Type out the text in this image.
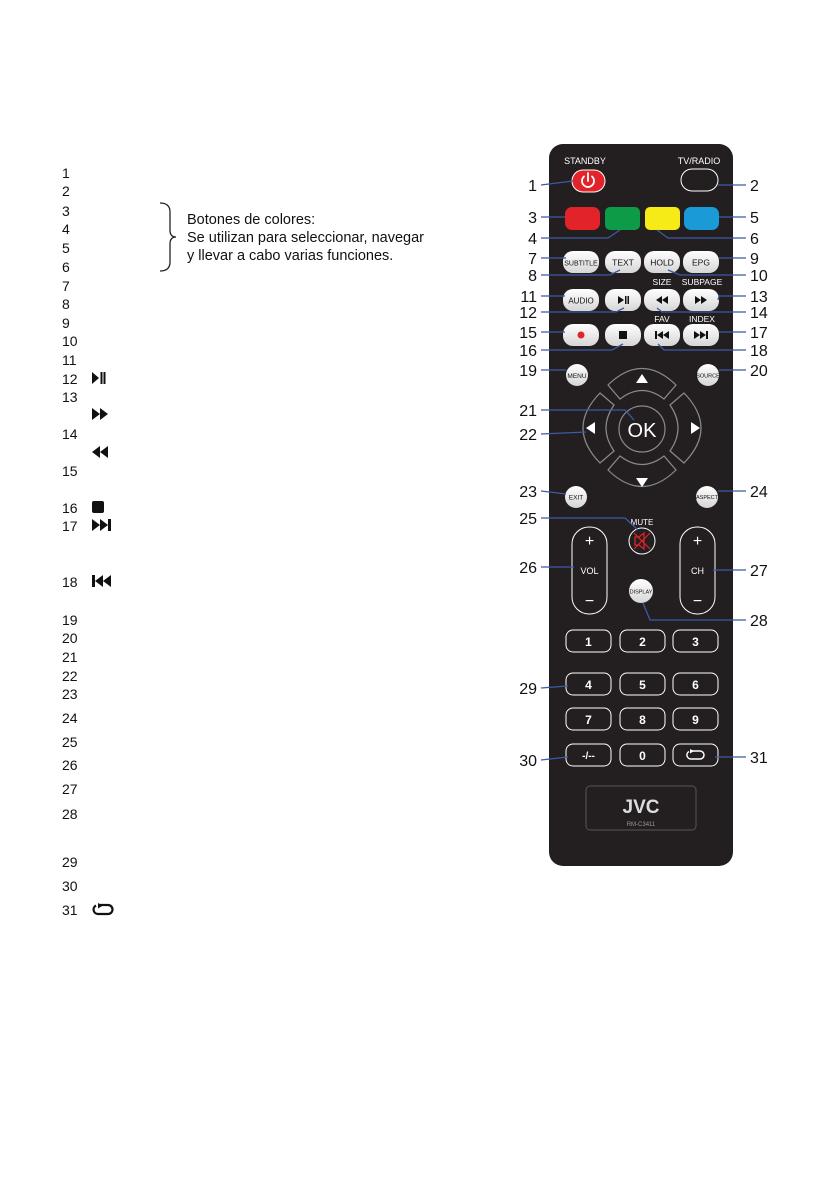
1
2
3
4
5
6
7
8
9
10
11
12
13
14
15
16
17
18
19
20
21
22
23
24
25
26
27
28
29
30
31
Botones de colores:
Se utilizan para seleccionar, navegar
y llevar a cabo varias funciones.
STANDBY	TV/RADIO
SUBTITLE TEXT HOLD EPG
SIZE SUBPAGE
AUDIO
FAV INDEX
MENU	SOURCE
OK
EXIT	ASPECT
MUTE
+
VOL
−
+
CH
−
DISPLAY
1	2	3
4	5	6
7	8	9
-/--	0
JVC
RM-C3411
1	2
3
4
5
6
7
8
9
10
11
12
13
14
15
16
17
18
19	20
21
22
23	24
25
26	27
28
29
30	31
